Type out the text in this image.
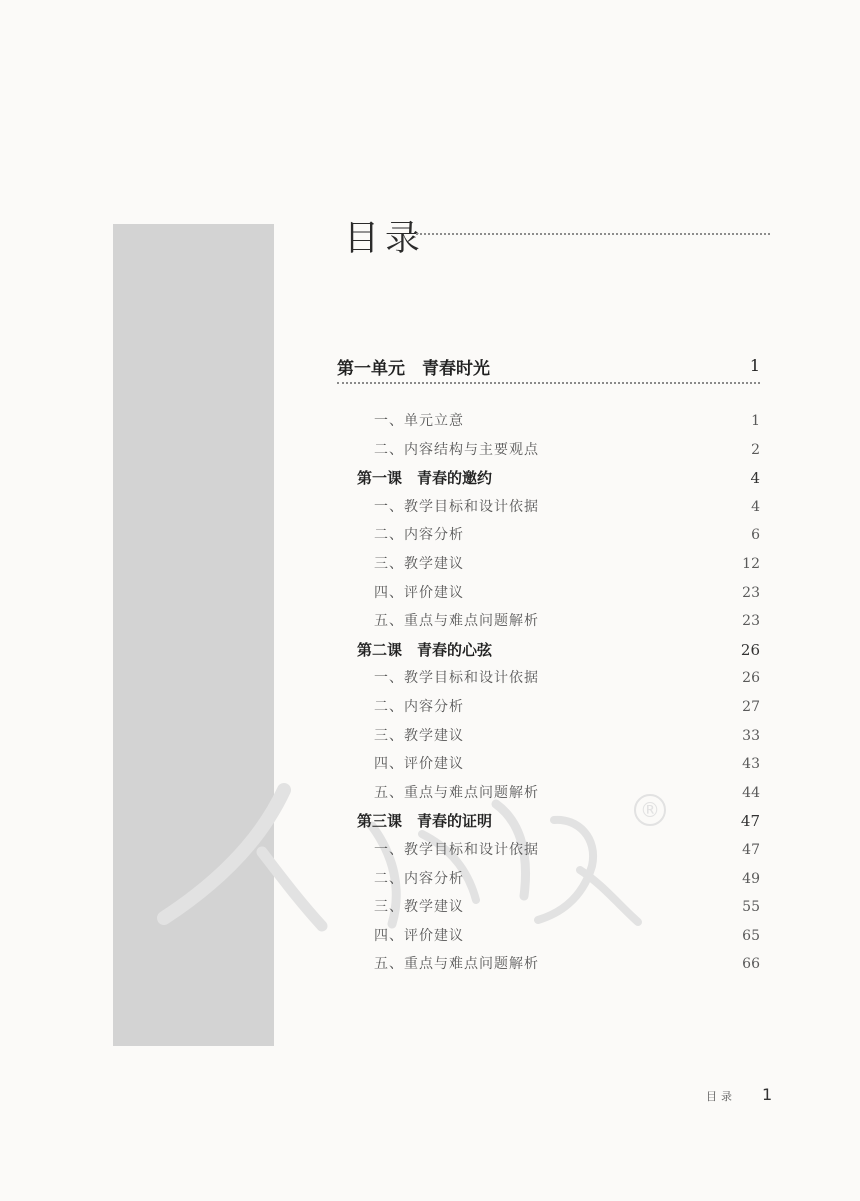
目录
第一单元　青春时光	1
®
一、单元立意	1
二、内容结构与主要观点	2
第一课　青春的邀约	4
一、教学目标和设计依据	4
二、内容分析	6
三、教学建议	12
四、评价建议	23
五、重点与难点问题解析	23
第二课　青春的心弦	26
一、教学目标和设计依据	26
二、内容分析	27
三、教学建议	33
四、评价建议	43
五、重点与难点问题解析	44
第三课　青春的证明	47
一、教学目标和设计依据	47
二、内容分析	49
三、教学建议	55
四、评价建议	65
五、重点与难点问题解析	66
目录 1
